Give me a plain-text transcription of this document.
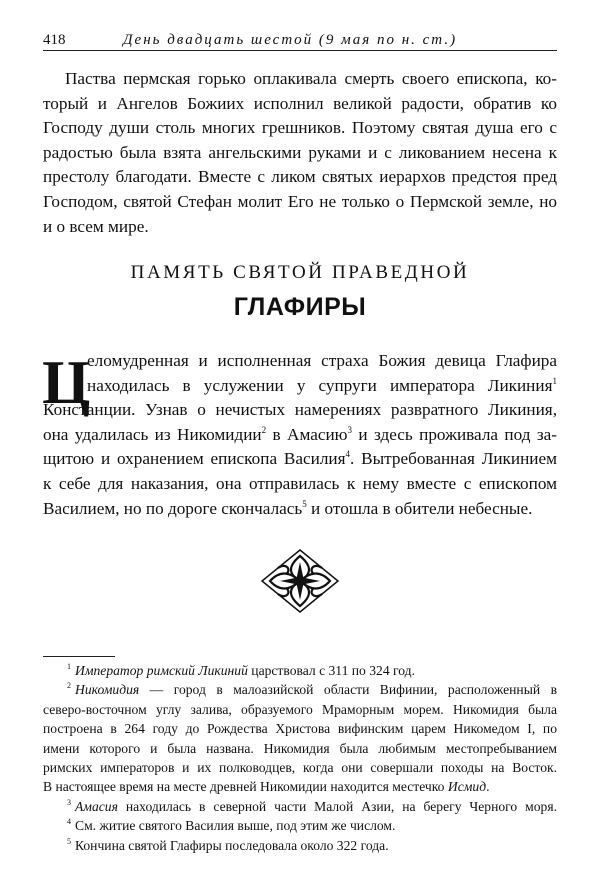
418	День двадцать шестой (9 мая по н. ст.)
Паства пермская горько оплакивала смерть своего епископа, ко-
торый и Ангелов Божиих исполнил великой радости, обратив ко
Господу души столь многих грешников. Поэтому святая душа его с
радостью была взята ангельскими руками и с ликованием несена к
престолу благодати. Вместе с ликом святых иерархов предстоя пред
Господом, святой Стефан молит Его не только о Пермской земле, но
и о всем мире.
ПАМЯТЬ СВЯТОЙ ПРАВЕДНОЙ
ГЛАФИРЫ
Ц
еломудренная и исполненная страха Божия девица Глафира
находилась в услужении у супруги императора Ликиния$^1$
Констанции. Узнав о нечистых намерениях развратного Ликиния,
она удалилась из Никомидии$^2$ в Амасию$^3$ и здесь проживала под за-
щитою и охранением епископа Василия$^4$. Вытребованная Ликинием
к себе для наказания, она отправилась к нему вместе с епископом
Василием, но по дороге скончалась$^5$ и отошла в обители небесные.
$^1$ Император римский Ликиний царствовал с 311 по 324 год.
$^2$ Никомидия — город в малоазийской области Вифинии, расположенный в
северо-восточном углу залива, образуемого Мраморным морем. Никомидия была
построена в 264 году до Рождества Христова вифинским царем Никомедом I, по
имени которого и была названа. Никомидия была любимым местопребыванием
римских императоров и их полководцев, когда они совершали походы на Восток.
В настоящее время на месте древней Никомидии находится местечко Исмид.
$^3$ Амасия находилась в северной части Малой Азии, на берегу Черного моря.
$^4$ См. житие святого Василия выше, под этим же числом.
$^5$ Кончина святой Глафиры последовала около 322 года.
